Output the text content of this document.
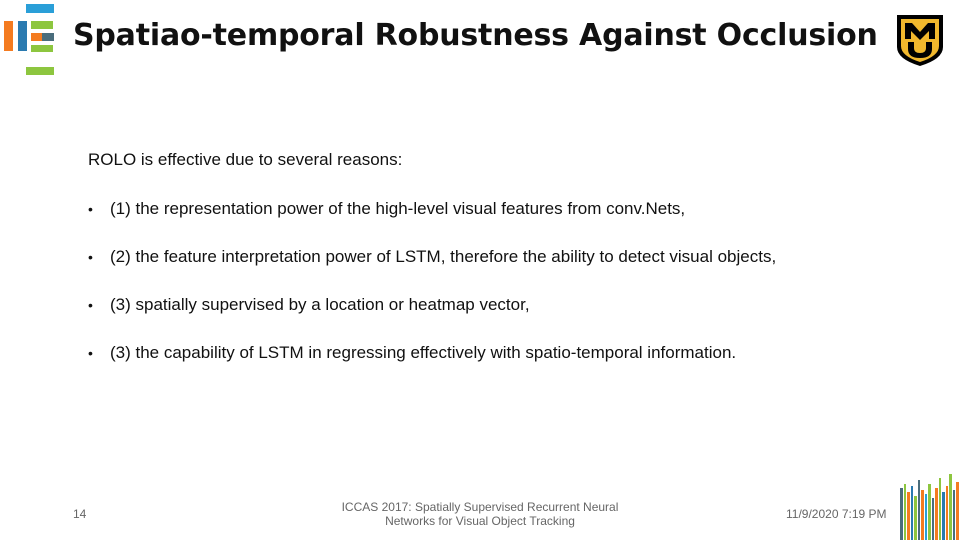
Spatiao-temporal Robustness Against Occlusion

ROLO is effective due to several reasons:

• (1) the representation power of the high-level visual features from conv.Nets,
• (2) the feature interpretation power of LSTM, therefore the ability to detect visual objects,
• (3) spatially supervised by a location or heatmap vector,
• (3) the capability of LSTM in regressing effectively with spatio-temporal information.
14	ICCAS 2017: Spatially Supervised Recurrent Neural
Networks for Visual Object Tracking	11/9/2020 7:19 PM
